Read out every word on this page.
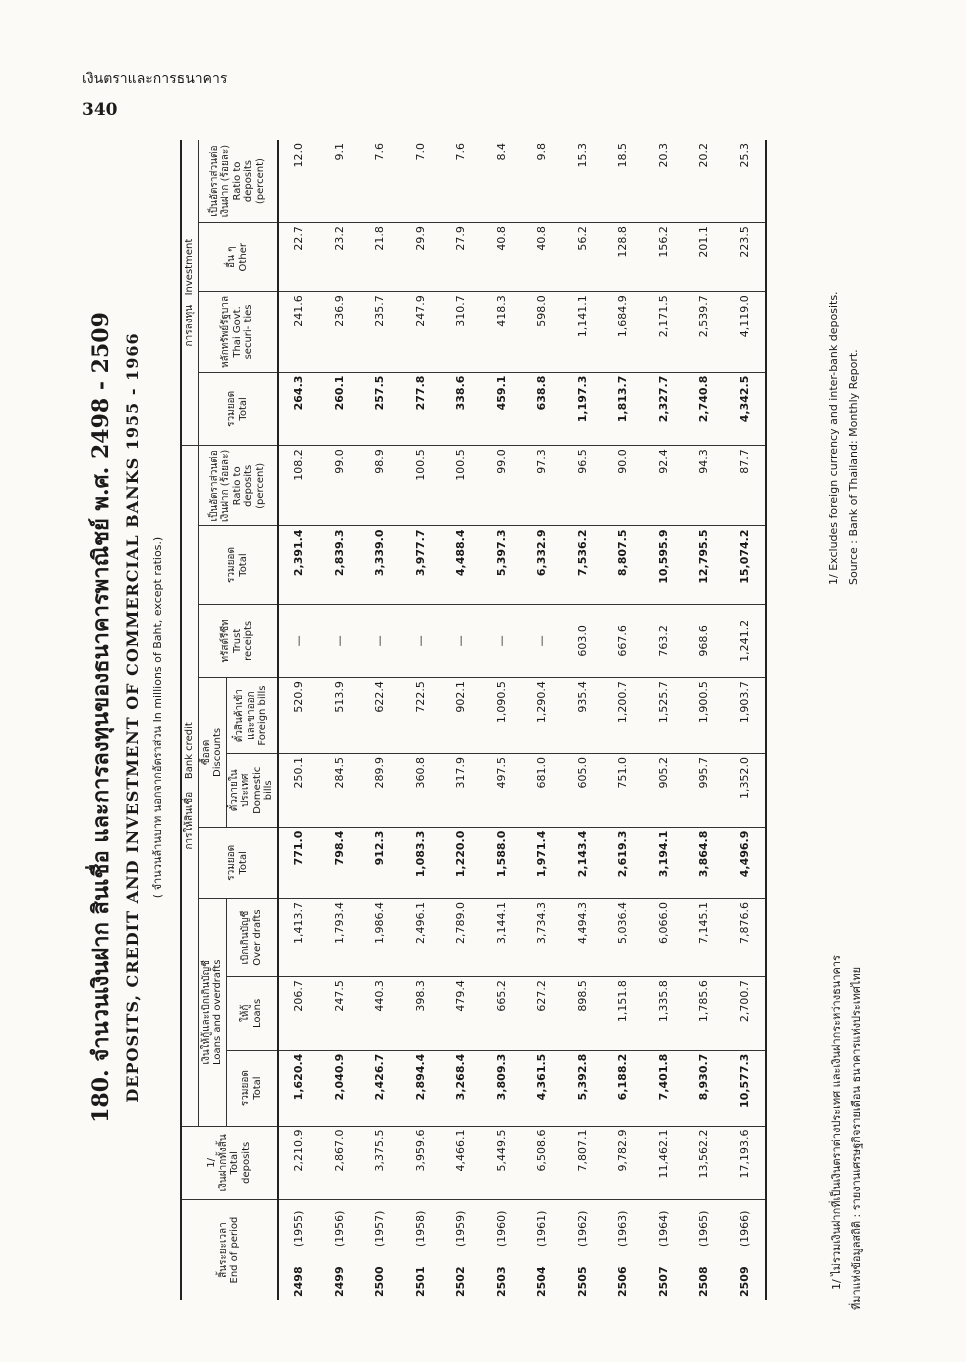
เงินตราและการธนาคาร
340
180. จำนวนเงินฝาก สินเชื่อ และการลงทุนของธนาคารพาณิชย์ พ.ศ. 2498 - 2509 DEPOSITS, CREDIT AND INVESTMENT OF COMMERCIAL BANKS 1955 - 1966 ( จำนวนล้านบาท นอกจากอัตราส่วน In millions of Baht, except ratios.)
สิ้นระยะเวลา End of period		1/ เงินฝากทั้งสิ้น Total deposits	การให้สินเชื่อ    Bank credit									การลงทุน   Investment			

			เงินให้กู้และเบิกเกินบัญชี Loans and overdrafts			รวมยอด Total	ซื้อลด Discounts		ทรัสต์รีซีท Trust receipts	รวมยอด Total	เป็นอัตราส่วนต่อเงินฝาก (ร้อยละ) Ratio to deposits (percent)	รวมยอด Total	หลักทรัพย์รัฐบาล Thai Govt. securi- ties	อื่น ๆ Other	เป็นอัตราส่วนต่อเงินฝาก (ร้อยละ) Ratio to deposits (percent)

			รวมยอด Total	ให้กู้ Loans	เบิกเกินบัญชี Over drafts		ตั๋วภายในประเทศ Domestic bills	ตั๋วสินค้าเข้าและขาออก Foreign bills							
2498	(1955)	2,210.9	1,620.4	206.7	1,413.7	771.0	250.1	520.9	—	2,391.4	108.2	264.3	241.6	22.7	12.0
2499	(1956)	2,867.0	2,040.9	247.5	1,793.4	798.4	284.5	513.9	—	2,839.3	99.0	260.1	236.9	23.2	9.1
2500	(1957)	3,375.5	2,426.7	440.3	1,986.4	912.3	289.9	622.4	—	3,339.0	98.9	257.5	235.7	21.8	7.6
2501	(1958)	3,959.6	2,894.4	398.3	2,496.1	1,083.3	360.8	722.5	—	3,977.7	100.5	277.8	247.9	29.9	7.0
2502	(1959)	4,466.1	3,268.4	479.4	2,789.0	1,220.0	317.9	902.1	—	4,488.4	100.5	338.6	310.7	27.9	7.6
2503	(1960)	5,449.5	3,809.3	665.2	3,144.1	1,588.0	497.5	1,090.5	—	5,397.3	99.0	459.1	418.3	40.8	8.4
2504	(1961)	6,508.6	4,361.5	627.2	3,734.3	1,971.4	681.0	1,290.4	—	6,332.9	97.3	638.8	598.0	40.8	9.8
2505	(1962)	7,807.1	5,392.8	898.5	4,494.3	2,143.4	605.0	935.4	603.0	7,536.2	96.5	1,197.3	1,141.1	56.2	15.3
2506	(1963)	9,782.9	6,188.2	1,151.8	5,036.4	2,619.3	751.0	1,200.7	667.6	8,807.5	90.0	1,813.7	1,684.9	128.8	18.5
2507	(1964)	11,462.1	7,401.8	1,335.8	6,066.0	3,194.1	905.2	1,525.7	763.2	10,595.9	92.4	2,327.7	2,171.5	156.2	20.3
2508	(1965)	13,562.2	8,930.7	1,785.6	7,145.1	3,864.8	995.7	1,900.5	968.6	12,795.5	94.3	2,740.8	2,539.7	201.1	20.2
2509	(1966)	17,193.6	10,577.3	2,700.7	7,876.6	4,496.9	1,352.0	1,903.7	1,241.2	15,074.2	87.7	4,342.5	4,119.0	223.5	25.3
1/ ไม่รวมเงินฝากที่เป็นเงินตราต่างประเทศ และเงินฝากระหว่างธนาคาร ที่มาแห่งข้อมูลสถิติ : รายงานเศรษฐกิจรายเดือน ธนาคารแห่งประเทศไทย
1/ Excludes foreign currency and inter-bank deposits. Source : Bank of Thailand: Monthly Report.
